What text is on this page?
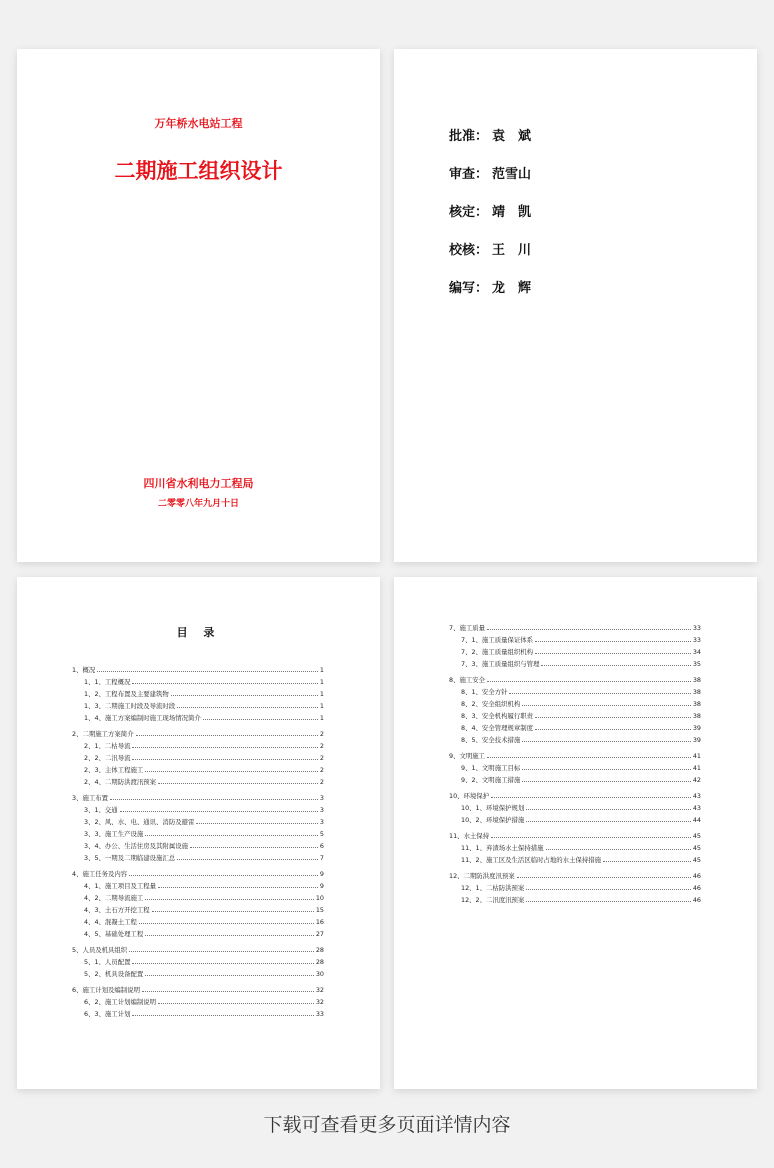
万年桥水电站工程
二期施工组织设计
四川省水利电力工程局
二零零八年九月十日
批准： 袁　斌
审查： 范雪山
核定： 靖　凯
校核： 王　川
编写： 龙　辉
目 录
1、概况	1
1、1、工程概况	1
1、2、工程布置及主要建筑物	1
1、3、二期施工时段及导流时段	1
1、4、施工方案编制时施工现场情况简介	1
2、二期施工方案简介	2
2、1、二枯导流	2
2、2、二汛导流	2
2、3、主体工程施工	2
2、4、二期防洪渡汛预案	2
3、施工布置	3
3、1、交通	3
3、2、风、水、电、通讯、消防及避雷	3
3、3、施工生产设施	5
3、4、办公、生活住房及其附属设施	6
3、5、一期及二期临建设施汇总	7
4、施工任务及内容	9
4、1、施工项目及工程量	9
4、2、二期导流施工	10
4、3、土石方开挖工程	15
4、4、混凝土工程	16
4、5、基础处理工程	27
5、人员及机具组织	28
5、1、人员配置	28
5、2、机具设备配置	30
6、施工计划及编制说明	32
6、2、施工计划编制说明	32
6、3、施工计划	33
7、施工质量	33
7、1、施工质量保证体系	33
7、2、施工质量组织机构	34
7、3、施工质量组织与管理	35
8、施工安全	38
8、1、安全方针	38
8、2、安全组织机构	38
8、3、安全机构履行职责	38
8、4、安全管理规章制度	39
8、5、安全技术措施	39
9、文明施工	41
9、1、文明施工目标	41
9、2、文明施工措施	42
10、环境保护	43
10、1、环境保护规划	43
10、2、环境保护措施	44
11、水土保持	45
11、1、弃渣场水土保持措施	45
11、2、施工区及生活区临时占地的水土保持措施	45
12、二期防洪度汛预案	46
12、1、二枯防洪预案	46
12、2、二汛度汛预案	46
下载可查看更多页面详情内容
